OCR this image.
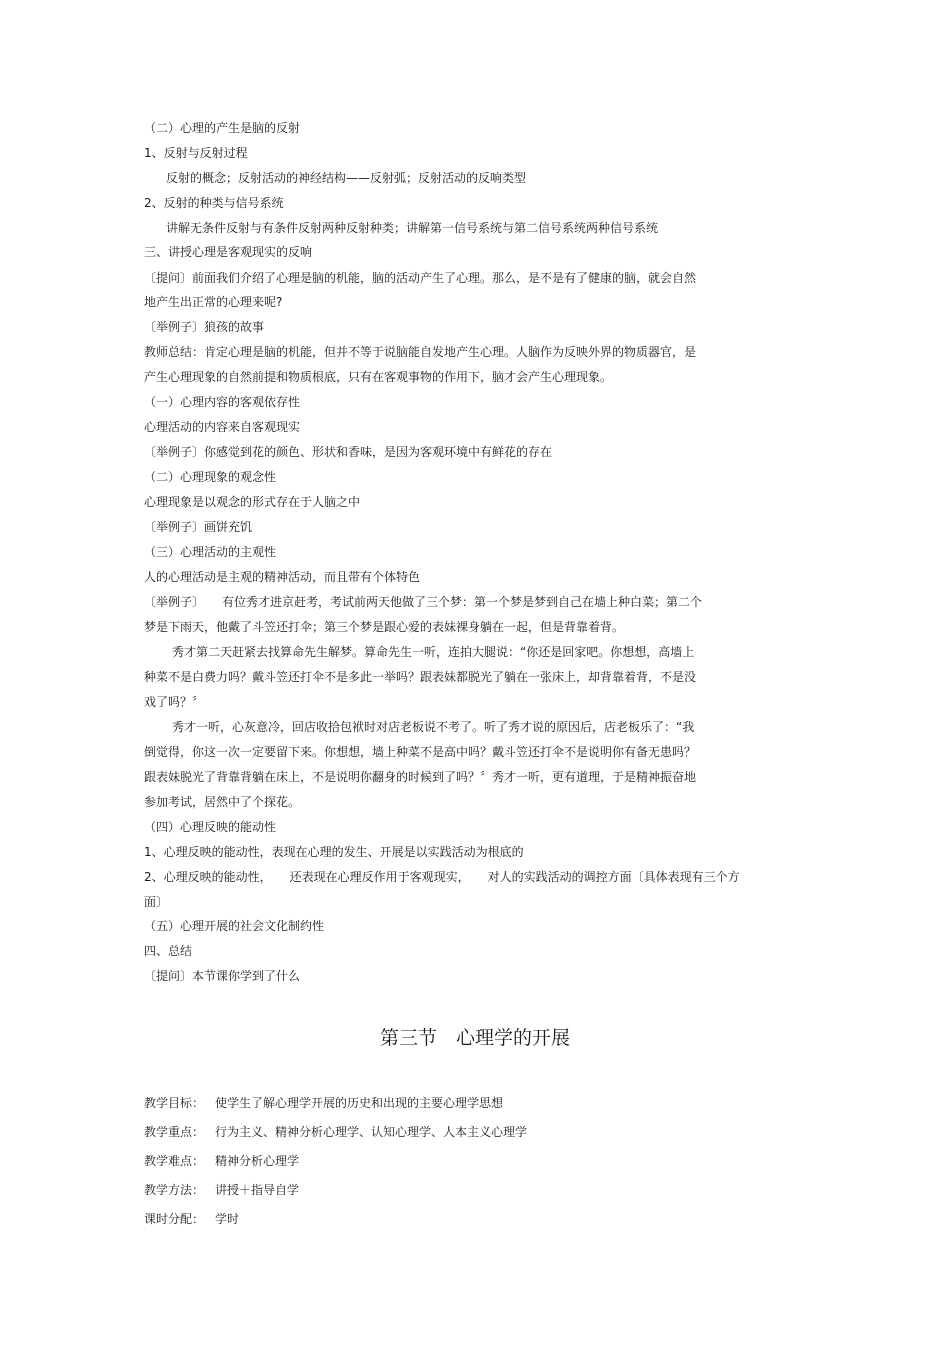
（二）心理的产生是脑的反射
1、反射与反射过程
反射的概念；反射活动的神经结构——反射弧；反射活动的反响类型
2、反射的种类与信号系统
讲解无条件反射与有条件反射两种反射种类；讲解第一信号系统与第二信号系统两种信号系统
三、讲授心理是客观现实的反响
〔提问〕前面我们介绍了心理是脑的机能，脑的活动产生了心理。那么，是不是有了健康的脑，就会自然
地产生出正常的心理来呢?
〔举例子〕狼孩的故事
教师总结：肯定心理是脑的机能，但并不等于说脑能自发地产生心理。人脑作为反映外界的物质器官，是
产生心理现象的自然前提和物质根底，只有在客观事物的作用下，脑才会产生心理现象。
（一）心理内容的客观依存性
心理活动的内容来自客观现实
〔举例子〕你感觉到花的颜色、形状和香味，是因为客观环境中有鲜花的存在
（二）心理现象的观念性
心理现象是以观念的形式存在于人脑之中
〔举例子〕画饼充饥
（三）心理活动的主观性
人的心理活动是主观的精神活动，而且带有个体特色
〔举例子〕　　有位秀才进京赶考，考试前两天他做了三个梦：第一个梦是梦到自己在墙上种白菜；第二个
梦是下雨天，他戴了斗笠还打伞；第三个梦是跟心爱的表妹裸身躺在一起，但是背靠着背。
秀才第二天赶紧去找算命先生解梦。算命先生一听，连拍大腿说：“你还是回家吧。你想想，高墙上
种菜不是白费力吗？戴斗笠还打伞不是多此一举吗？跟表妹都脱光了躺在一张床上，却背靠着背，不是没
戏了吗？〞
秀才一听，心灰意冷，回店收拾包袱时对店老板说不考了。听了秀才说的原因后，店老板乐了：“我
倒觉得，你这一次一定要留下来。你想想，墙上种菜不是高中吗？戴斗笠还打伞不是说明你有备无患吗？
跟表妹脱光了背靠背躺在床上，不是说明你翻身的时候到了吗？〞秀才一听，更有道理，于是精神振奋地
参加考试，居然中了个探花。
（四）心理反映的能动性
1、心理反映的能动性，表现在心理的发生、开展是以实践活动为根底的
2、心理反映的能动性，　　还表现在心理反作用于客观现实，　　对人的实践活动的调控方面〔具体表现有三个方
面〕
（五）心理开展的社会文化制约性
四、总结
〔提问〕本节课你学到了什么
第三节　心理学的开展
教学目标： 使学生了解心理学开展的历史和出现的主要心理学思想
教学重点： 行为主义、精神分析心理学、认知心理学、人本主义心理学
教学难点： 精神分析心理学
教学方法： 讲授＋指导自学
课时分配： 学时
